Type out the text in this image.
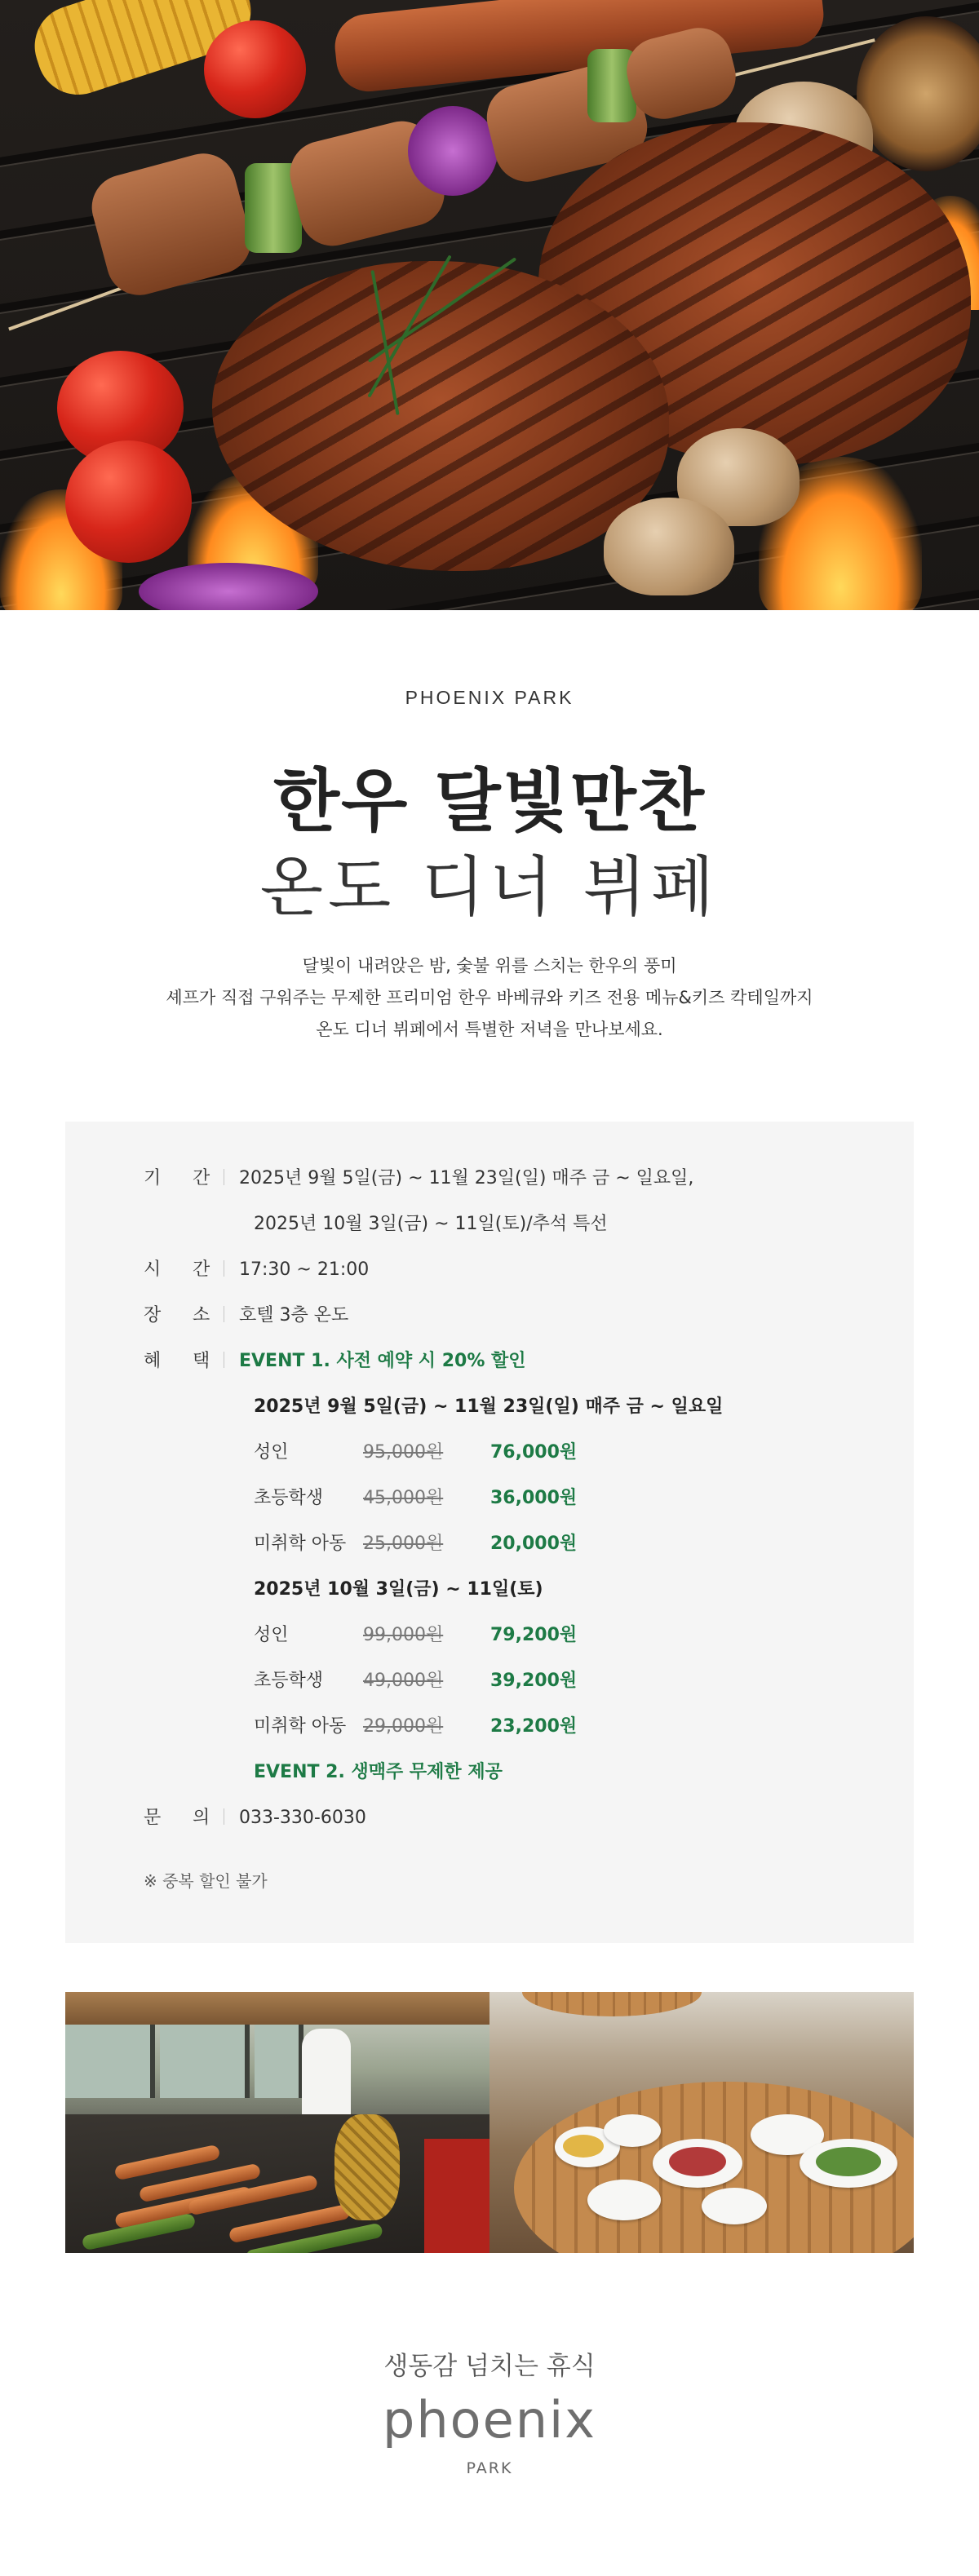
PHOENIX PARK
한우 달빛만찬
온도 디너 뷔페
달빛이 내려앉은 밤, 숯불 위를 스치는 한우의 풍미
셰프가 직접 구워주는 무제한 프리미엄 한우 바베큐와 키즈 전용 메뉴&키즈 칵테일까지
온도 디너 뷔페에서 특별한 저녁을 만나보세요.
기 간 2025년 9월 5일(금) ~ 11월 23일(일) 매주 금 ~ 일요일,
2025년 10월 3일(금) ~ 11일(토)/추석 특선
시 간 17:30 ~ 21:00
장 소 호텔 3층 온도
혜 택 EVENT 1. 사전 예약 시 20% 할인
2025년 9월 5일(금) ~ 11월 23일(일) 매주 금 ~ 일요일
성인	95,000원	76,000원
초등학생 45,000원	36,000원
미취학 아동 25,000원	20,000원
2025년 10월 3일(금) ~ 11일(토)
성인	99,000원	79,200원
초등학생 49,000원	39,200원
미취학 아동 29,000원	23,200원
EVENT 2. 생맥주 무제한 제공
문 의 033-330-6030
※ 중복 할인 불가
생동감 넘치는 휴식
phoenix
PARK
